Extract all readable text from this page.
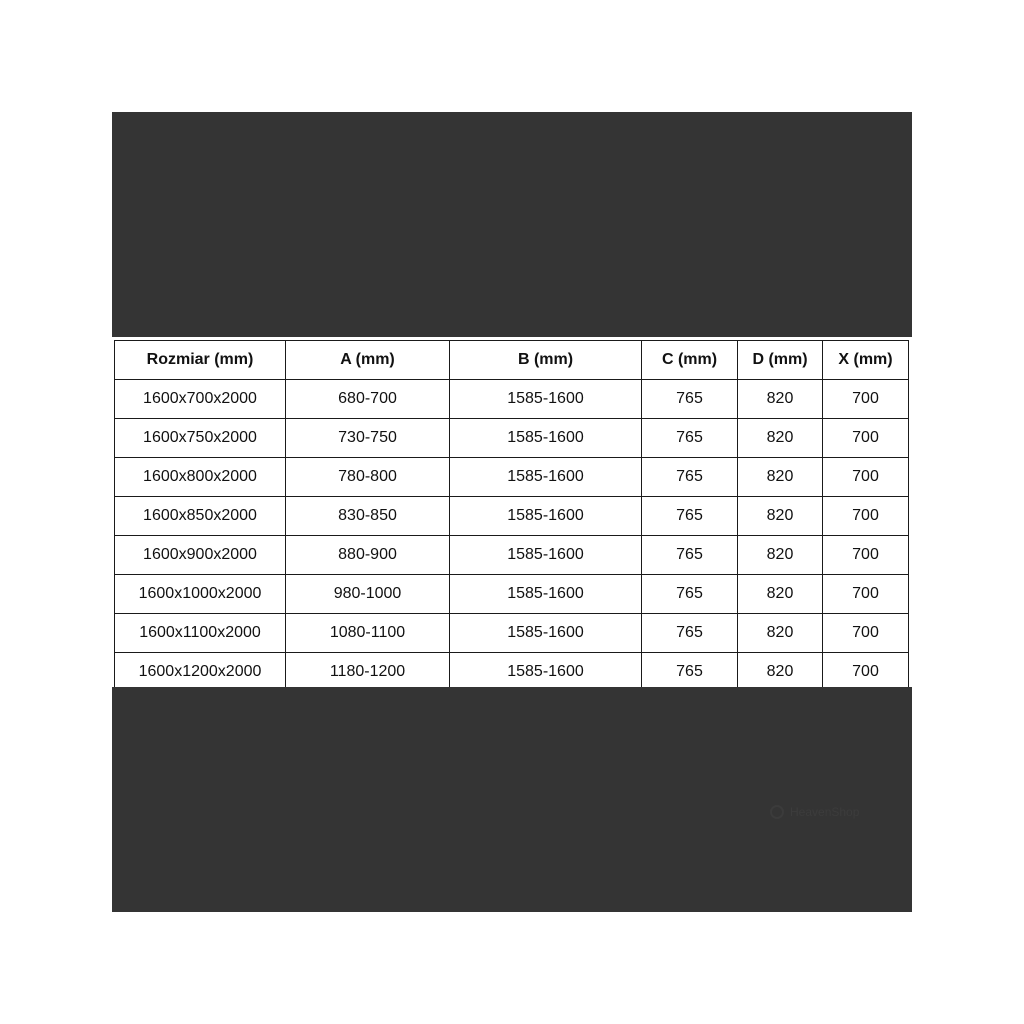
Rozmiar (mm)	A (mm)	B (mm)	C (mm)	D (mm)	X (mm)
1600x700x2000	680-700	1585-1600	765	820	700
1600x750x2000	730-750	1585-1600	765	820	700
1600x800x2000	780-800	1585-1600	765	820	700
1600x850x2000	830-850	1585-1600	765	820	700
1600x900x2000	880-900	1585-1600	765	820	700
1600x1000x2000	980-1000	1585-1600	765	820	700
1600x1100x2000	1080-1100	1585-1600	765	820	700
1600x1200x2000	1180-1200	1585-1600	765	820	700
HeavenShop
